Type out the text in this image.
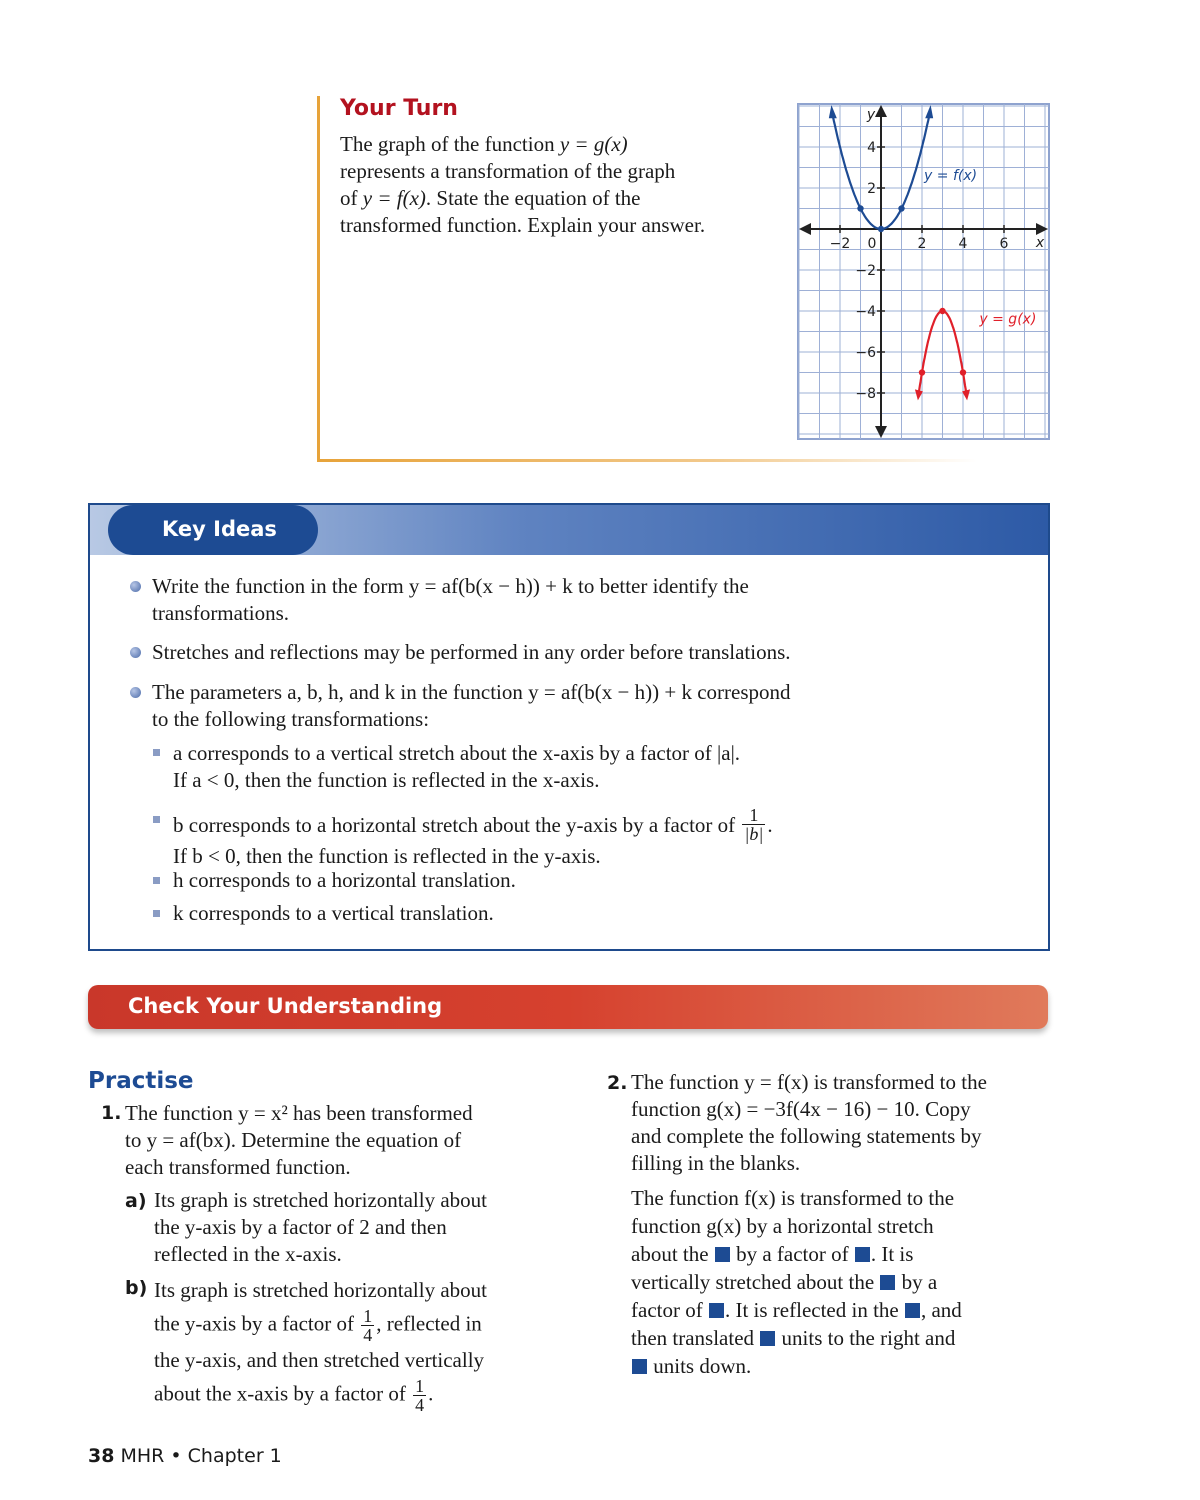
Your Turn
The graph of the function y = g(x)
represents a transformation of the graph
of y = f(x). State the equation of the
transformed function. Explain your answer.
−2 0	2 4 6
4
2
−2
−4
−6
−8
x
y
y = f(x)
y = g(x)
Key Ideas
Write the function in the form y = af(b(x − h)) + k to better identify the
transformations.
Stretches and reflections may be performed in any order before translations.
The parameters a, b, h, and k in the function y = af(b(x − h)) + k correspond
to the following transformations:
a corresponds to a vertical stretch about the x-axis by a factor of |a|.
If a < 0, then the function is reflected in the x-axis.
b corresponds to a horizontal stretch about the y-axis by a factor of $\frac{1}{|b|}$ .
If b < 0, then the function is reflected in the y-axis.
h corresponds to a horizontal translation.
k corresponds to a vertical translation.
Check Your Understanding
Practise
1. The function y = x² has been transformed
to y = af(bx). Determine the equation of
each transformed function.
a) Its graph is stretched horizontally about
the y-axis by a factor of 2 and then
reflected in the x-axis.
b) Its graph is stretched horizontally about
the y-axis by a factor of $\frac{1}{4}$ , reflected in
the y-axis, and then stretched vertically
about the x-axis by a factor of $\frac{1}{4}$ .
2. The function y = f(x) is transformed to the
function g(x) = −3f(4x − 16) − 10. Copy
and complete the following statements by
filling in the blanks.
The function f(x) is transformed to the
function g(x) by a horizontal stretch
about the by a factor of . It is
vertically stretched about the by a
factor of . It is reflected in the , and
then translated units to the right and
units down.
38 MHR • Chapter 1
